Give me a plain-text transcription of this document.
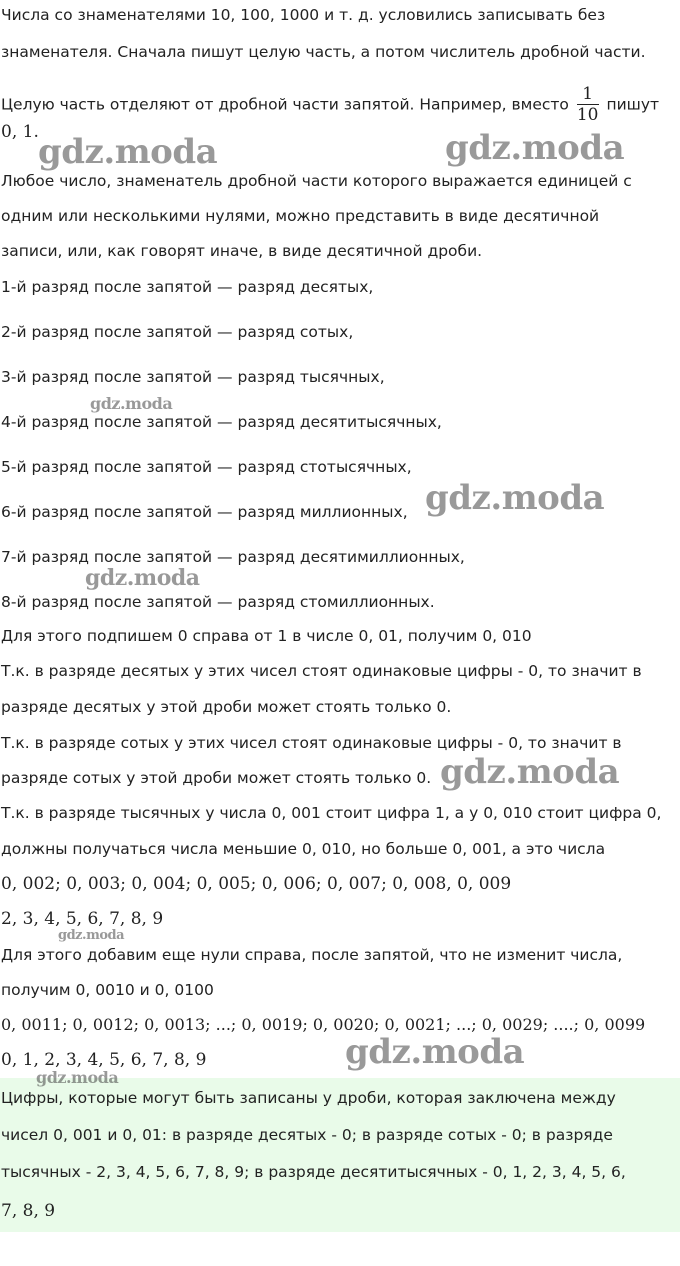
Числа со знаменателями 10, 100, 1000 и т. д. условились записывать без
знаменателя. Сначала пишут целую часть, а потом числитель дробной части.
Целую часть отделяют от дробной части запятой. Например, вместо $\frac{1}{10}$ пишут
0, 1.
Любое число, знаменатель дробной части которого выражается единицей с
одним или несколькими нулями, можно представить в виде десятичной
записи, или, как говорят иначе, в виде десятичной дроби.
1-й разряд после запятой — разряд десятых,
2-й разряд после запятой — разряд сотых,
3-й разряд после запятой — разряд тысячных,
4-й разряд после запятой — разряд десятитысячных,
5-й разряд после запятой — разряд стотысячных,
6-й разряд после запятой — разряд миллионных,
7-й разряд после запятой — разряд десятимиллионных,
8-й разряд после запятой — разряд стомиллионных.
Для этого подпишем 0 справа от 1 в числе 0, 01, получим 0, 010
Т.к. в разряде десятых у этих чисел стоят одинаковые цифры - 0, то значит в
разряде десятых у этой дроби может стоять только 0.
Т.к. в разряде сотых у этих чисел стоят одинаковые цифры - 0, то значит в
разряде сотых у этой дроби может стоять только 0.
Т.к. в разряде тысячных у числа 0, 001 стоит цифра 1, а у 0, 010 стоит цифра 0,
должны получаться числа меньшие 0, 010, но больше 0, 001, а это числа
0, 002; 0, 003; 0, 004; 0, 005; 0, 006; 0, 007; 0, 008, 0, 009
2, 3, 4, 5, 6, 7, 8, 9
Для этого добавим еще нули справа, после запятой, что не изменит числа,
получим 0, 0010 и 0, 0100
0, 0011; 0, 0012; 0, 0013; ...; 0, 0019; 0, 0020; 0, 0021; ...; 0, 0029; ....; 0, 0099
0, 1, 2, 3, 4, 5, 6, 7, 8, 9
Цифры, которые могут быть записаны у дроби, которая заключена между
чисел 0, 001 и 0, 01: в разряде десятых - 0; в разряде сотых - 0; в разряде
тысячных - 2, 3, 4, 5, 6, 7, 8, 9; в разряде десятитысячных - 0, 1, 2, 3, 4, 5, 6,
7, 8, 9
gdz.moda	gdz.moda
gdz.moda
gdz.moda
gdz.moda
gdz.moda
gdz.moda
gdz.moda
gdz.moda
